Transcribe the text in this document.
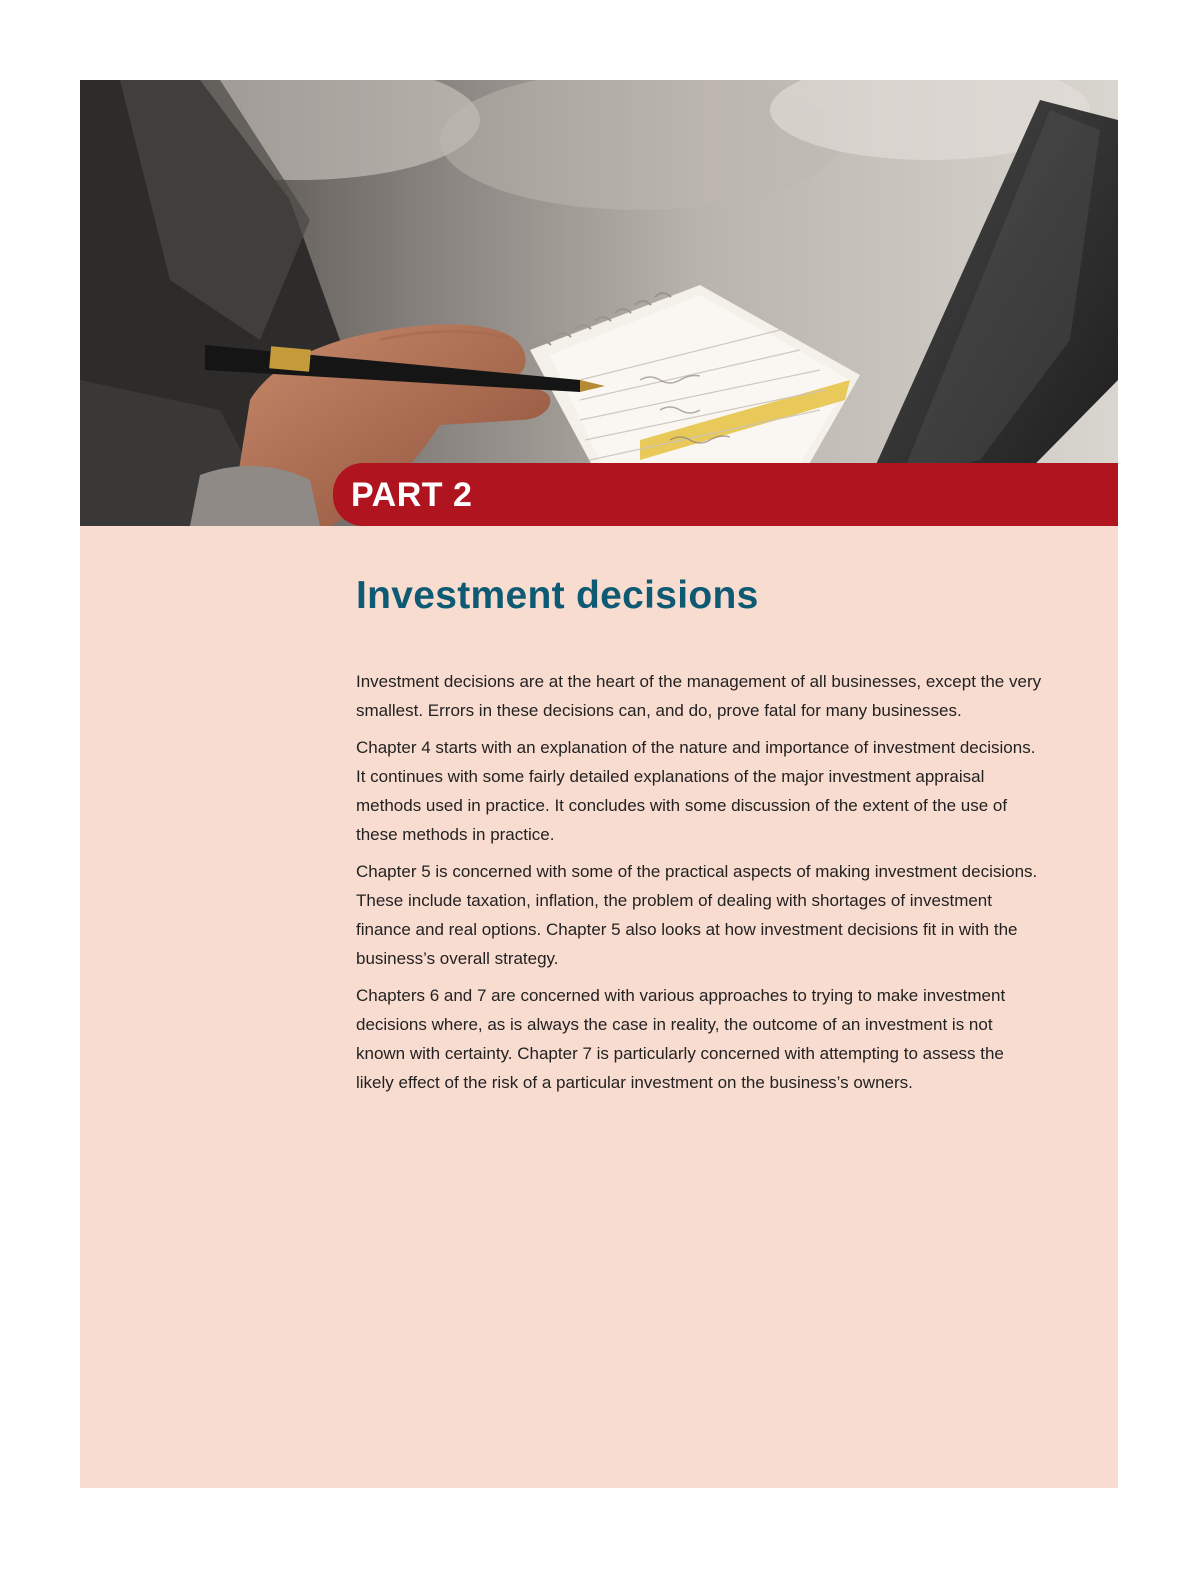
PART 2
Investment decisions

Investment decisions are at the heart of the management of all businesses, except the very smallest. Errors in these decisions can, and do, prove fatal for many businesses.

Chapter 4 starts with an explanation of the nature and importance of investment decisions. It continues with some fairly detailed explanations of the major investment appraisal methods used in practice. It concludes with some discussion of the extent of the use of these methods in practice.

Chapter 5 is concerned with some of the practical aspects of making investment decisions. These include taxation, inflation, the problem of dealing with shortages of investment finance and real options. Chapter 5 also looks at how investment decisions fit in with the business’s overall strategy.

Chapters 6 and 7 are concerned with various approaches to trying to make investment decisions where, as is always the case in reality, the outcome of an investment is not known with certainty. Chapter 7 is particularly concerned with attempting to assess the likely effect of the risk of a particular investment on the business’s owners.
